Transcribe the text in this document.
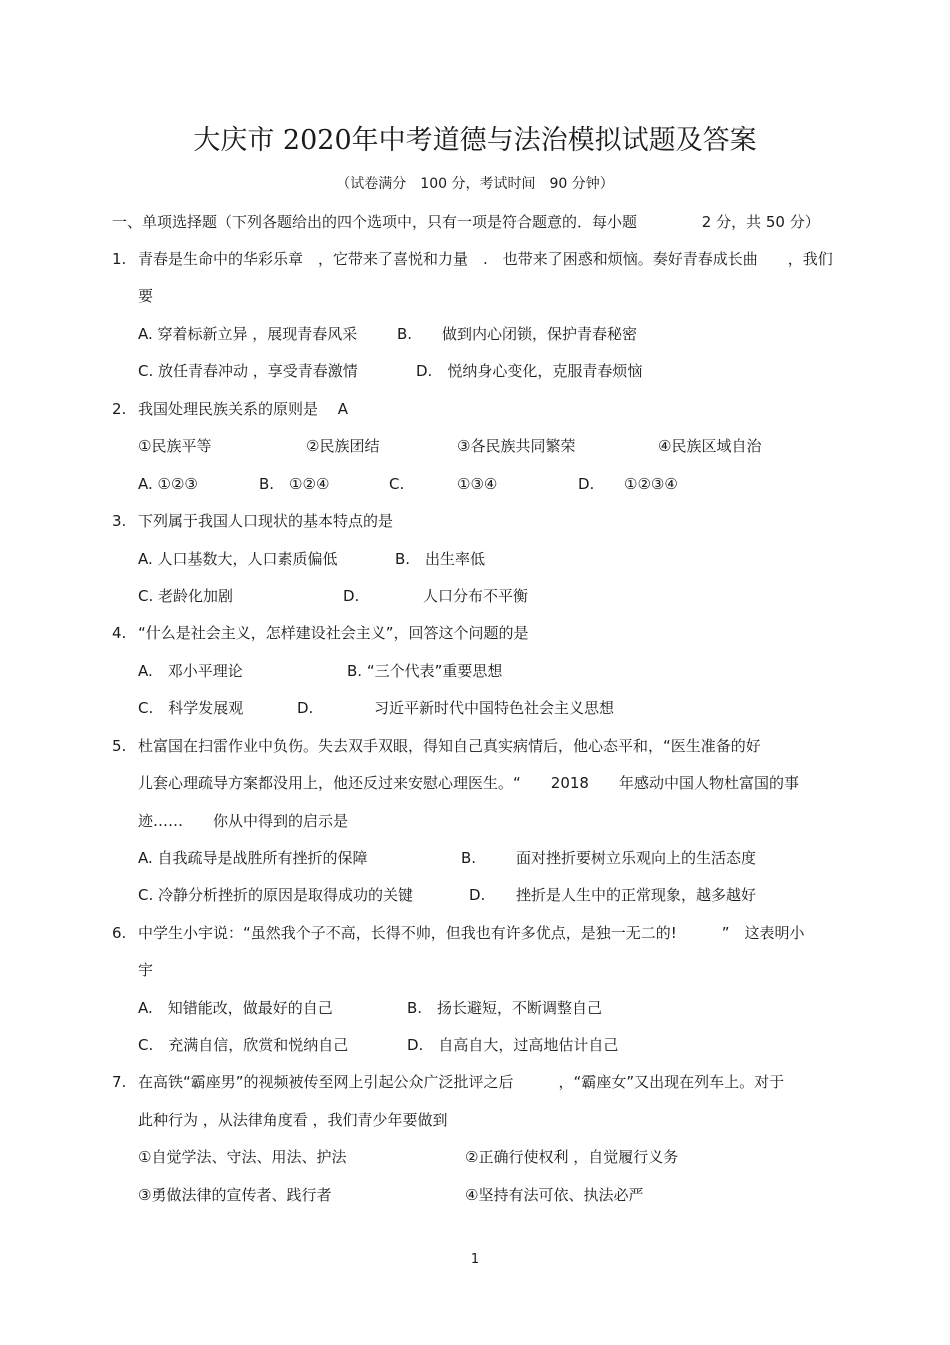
大庆市 2020年中考道德与法治模拟试题及答案
（试卷满分　100 分，考试时间　90 分钟）
一、单项选择题（下列各题给出的四个选项中，只有一项是符合题意的．每小题　　　　 2 分，共 50 分）
1. 青春是生命中的华彩乐章　，它带来了喜悦和力量　.　也带来了困惑和烦恼。奏好青春成长曲　　，我们
要
A. 穿着标新立异 ，展现青春风采	B.　　做到内心闭锁，保护青春秘密
C. 放任青春冲动 ，享受青春激情	D.　悦纳身心变化，克服青春烦恼
2. 我国处理民族关系的原则是　 A
①民族平等	②民族团结	③各民族共同繁荣	④民族区域自治
A. ①②③	B.　①②④	C.	①③④	D. ①②③④
3. 下列属于我国人口现状的基本特点的是
A. 人口基数大，人口素质偏低	B.　出生率低
C. 老龄化加剧	D.	人口分布不平衡
4. “什么是社会主义，怎样建设社会主义”，回答这个问题的是
A.　邓小平理论	B. “三个代表”重要思想
C.　科学发展观	D.	习近平新时代中国特色社会主义思想
5. 杜富国在扫雷作业中负伤。失去双手双眼，得知自己真实病情后，他心态平和，“医生准备的好
儿套心理疏导方案都没用上，他还反过来安慰心理医生。“　　2018　　年感动中国人物杜富国的事
迹……　　你从中得到的启示是
A. 自我疏导是战胜所有挫折的保障	B.	面对挫折要树立乐观向上的生活态度
C. 冷静分析挫折的原因是取得成功的关键	D. 挫折是人生中的正常现象，越多越好
6. 中学生小宇说：“虽然我个子不高，长得不帅，但我也有许多优点，是独一无二的!　　　”　这表明小
宇
A.　知错能改，做最好的自己	B.　扬长避短，不断调整自己
C.　充满自信，欣赏和悦纳自己	D.　自高自大，过高地估计自己
7. 在高铁“霸座男”的视频被传至网上引起公众广泛批评之后　　　，“霸座女”又出现在列车上。对于
此种行为 ，从法律角度看 ，我们青少年要做到
①自觉学法、守法、用法、护法	②正确行使权利 ，自觉履行义务
③勇做法律的宣传者、践行者	④坚持有法可依、执法必严
1
